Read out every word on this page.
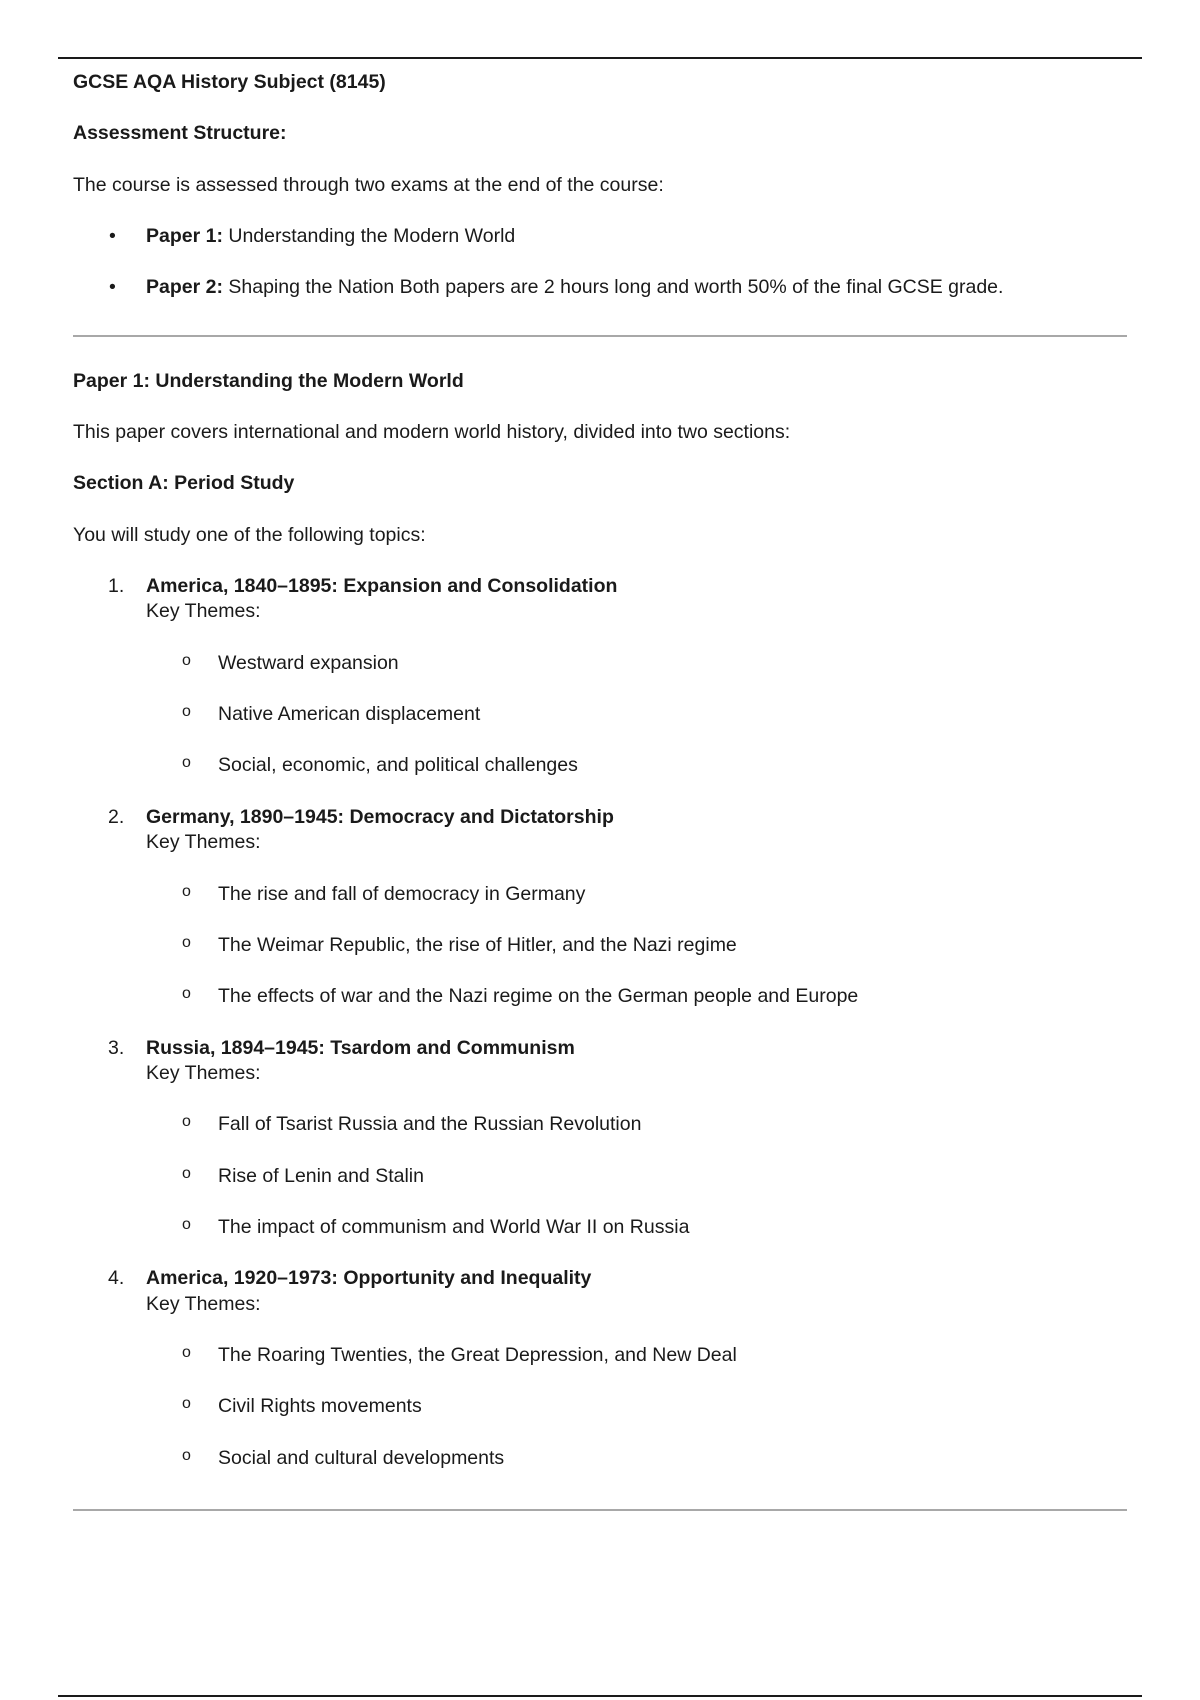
GCSE AQA History Subject (8145)

Assessment Structure:

The course is assessed through two exams at the end of the course:

• Paper 1: Understanding the Modern World
• Paper 2: Shaping the Nation Both papers are 2 hours long and worth 50% of the final GCSE grade.

Paper 1: Understanding the Modern World

This paper covers international and modern world history, divided into two sections:

Section A: Period Study

You will study one of the following topics:

1. America, 1840–1895: Expansion and Consolidation
Key Themes:
o Westward expansion
o Native American displacement
o Social, economic, and political challenges
2. Germany, 1890–1945: Democracy and Dictatorship
Key Themes:
o The rise and fall of democracy in Germany
o The Weimar Republic, the rise of Hitler, and the Nazi regime
o The effects of war and the Nazi regime on the German people and Europe
3. Russia, 1894–1945: Tsardom and Communism
Key Themes:
o Fall of Tsarist Russia and the Russian Revolution
o Rise of Lenin and Stalin
o The impact of communism and World War II on Russia
4. America, 1920–1973: Opportunity and Inequality
Key Themes:
o The Roaring Twenties, the Great Depression, and New Deal
o Civil Rights movements
o Social and cultural developments
